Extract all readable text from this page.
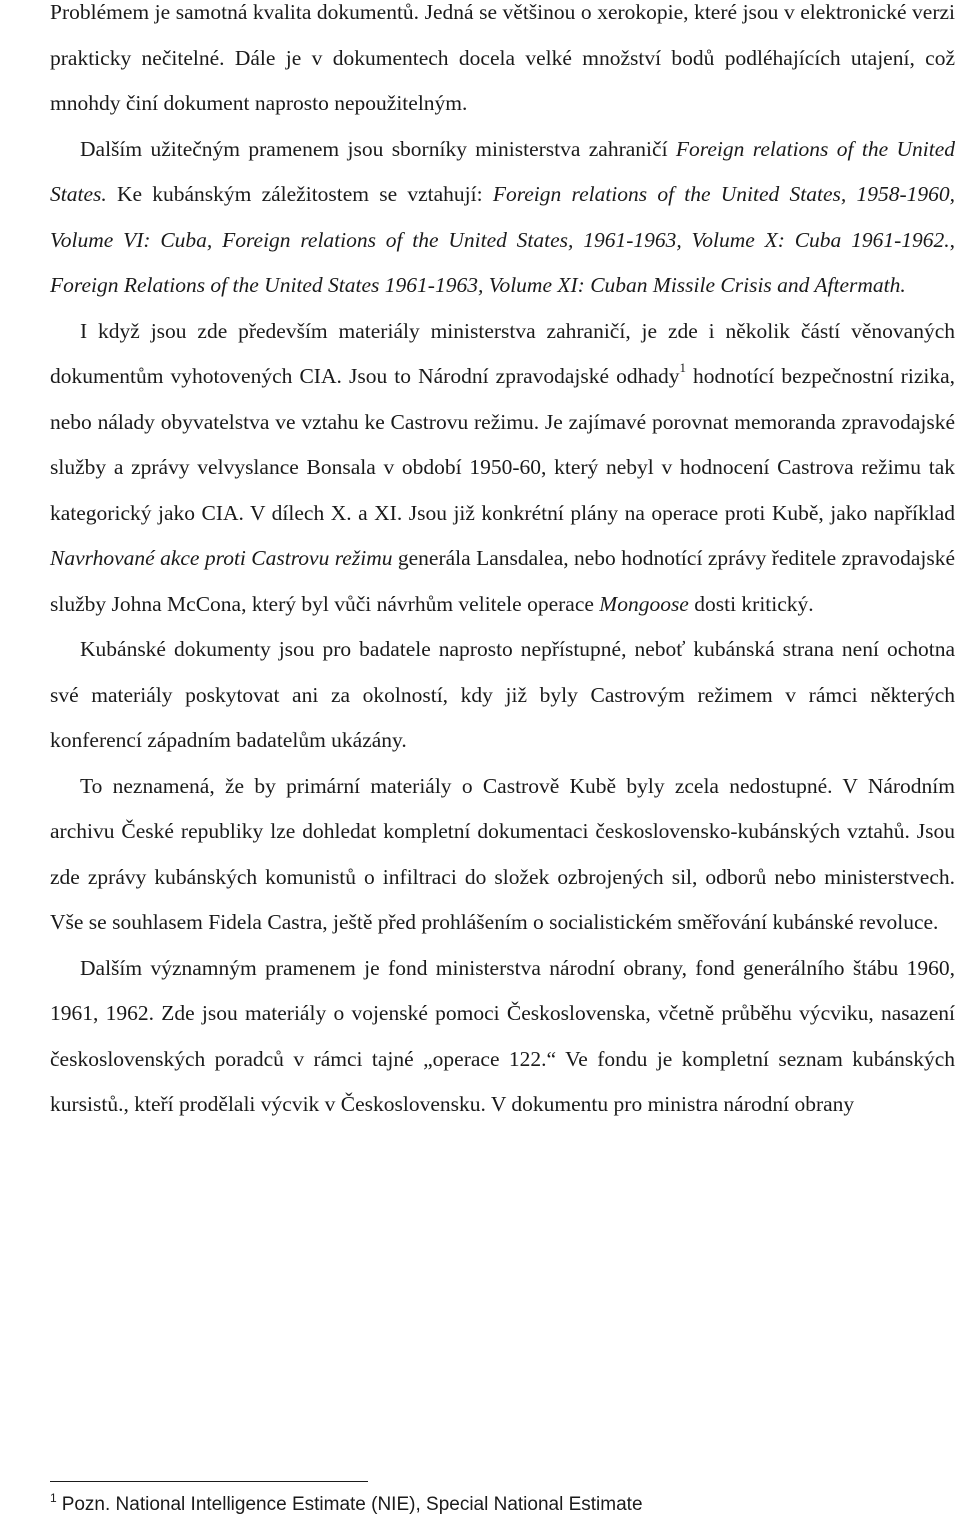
Problémem je samotná kvalita dokumentů. Jedná se většinou o xerokopie, které jsou v elektronické verzi prakticky nečitelné. Dále je v dokumentech docela velké množství bodů podléhajících utajení, což mnohdy činí dokument naprosto nepoužitelným.

Dalším užitečným pramenem jsou sborníky ministerstva zahraničí Foreign relations of the United States. Ke kubánským záležitostem se vztahují: Foreign relations of the United States, 1958-1960, Volume VI: Cuba, Foreign relations of the United States, 1961-1963, Volume X: Cuba 1961-1962., Foreign Relations of the United States 1961-1963, Volume XI: Cuban Missile Crisis and Aftermath.

I když jsou zde především materiály ministerstva zahraničí, je zde i několik částí věnovaných dokumentům vyhotovených CIA. Jsou to Národní zpravodajské odhady$^1$ hodnotící bezpečnostní rizika, nebo nálady obyvatelstva ve vztahu ke Castrovu režimu. Je zajímavé porovnat memoranda zpravodajské služby a zprávy velvyslance Bonsala v období 1950-60, který nebyl v hodnocení Castrova režimu tak kategorický jako CIA. V dílech X. a XI. Jsou již konkrétní plány na operace proti Kubě, jako například Navrhované akce proti Castrovu režimu generála Lansdalea, nebo hodnotící zprávy ředitele zpravodajské služby Johna McCona, který byl vůči návrhům velitele operace Mongoose dosti kritický.

Kubánské dokumenty jsou pro badatele naprosto nepřístupné, neboť kubánská strana není ochotna své materiály poskytovat ani za okolností, kdy již byly Castrovým režimem v rámci některých konferencí západním badatelům ukázány.

To neznamená, že by primární materiály o Castrově Kubě byly zcela nedostupné. V Národním archivu České republiky lze dohledat kompletní dokumentaci československo-kubánských vztahů. Jsou zde zprávy kubánských komunistů o infiltraci do složek ozbrojených sil, odborů nebo ministerstvech. Vše se souhlasem Fidela Castra, ještě před prohlášením o socialistickém směřování kubánské revoluce.

Dalším významným pramenem je fond ministerstva národní obrany, fond generálního štábu 1960, 1961, 1962. Zde jsou materiály o vojenské pomoci Československa, včetně průběhu výcviku, nasazení československých poradců v rámci tajné „operace 122.“ Ve fondu je kompletní seznam kubánských kursistů., kteří prodělali výcvik v Československu. V dokumentu pro ministra národní obrany

$^1$ Pozn. National Intelligence Estimate (NIE), Special National Estimate
